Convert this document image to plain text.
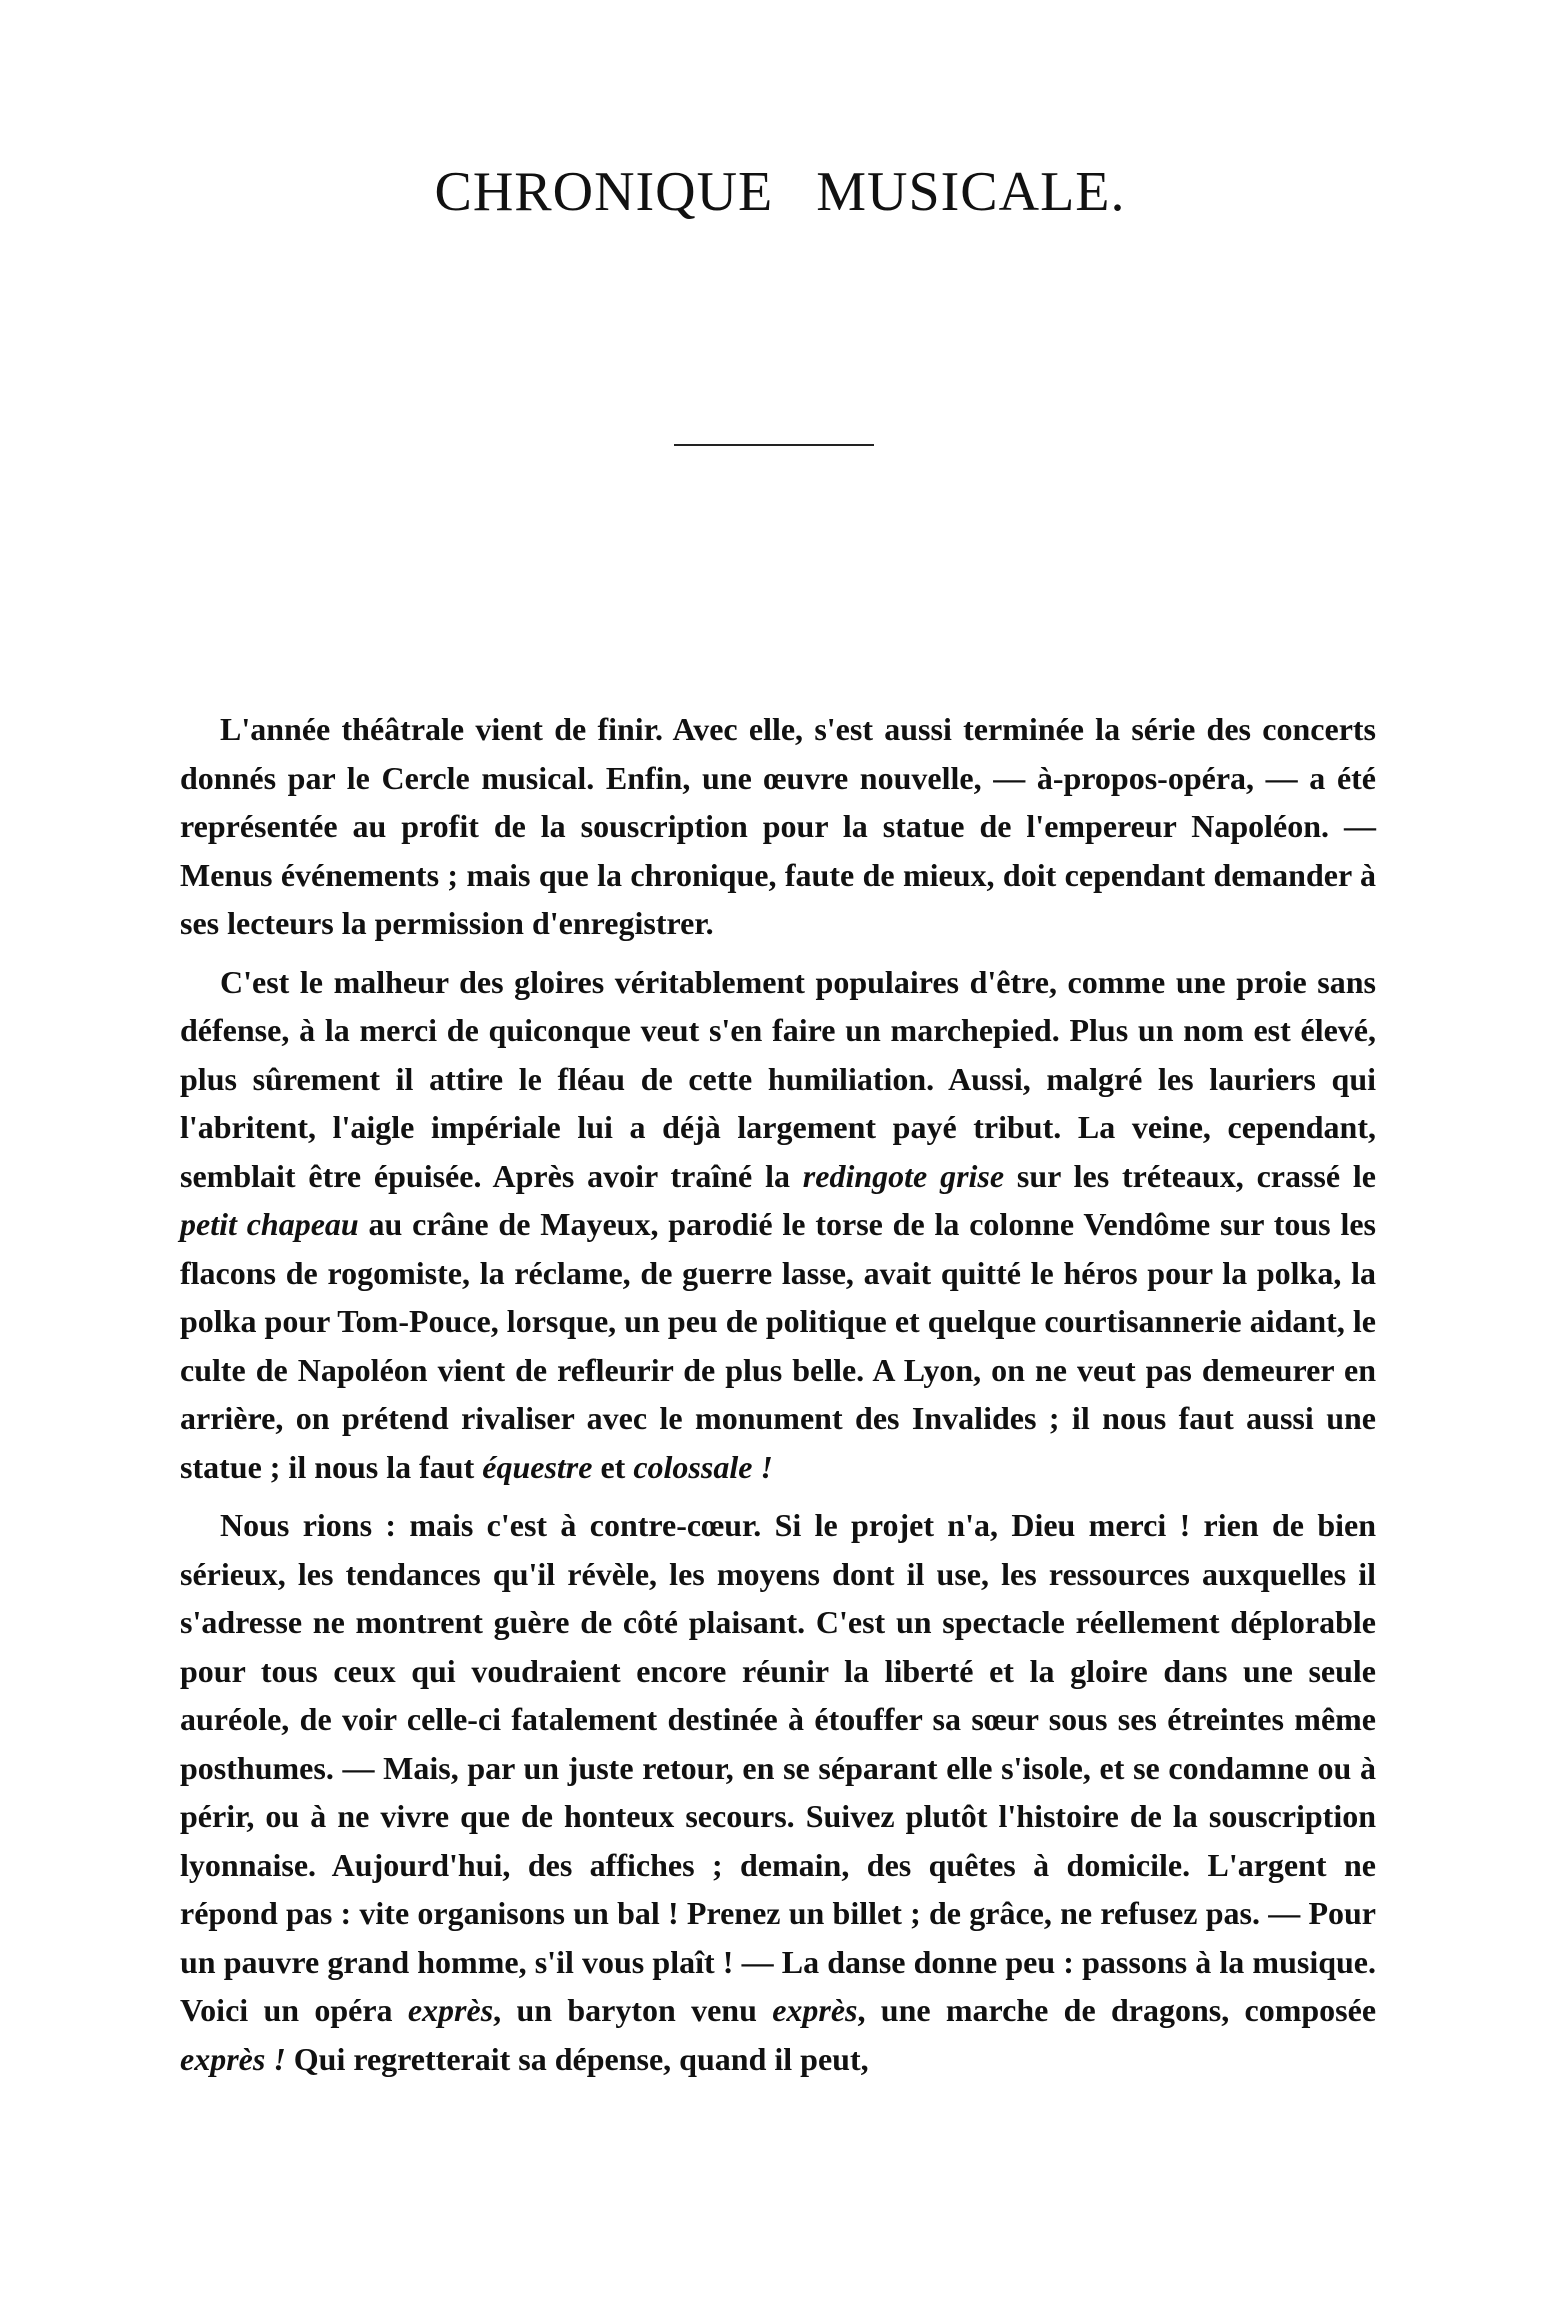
CHRONIQUE MUSICALE.

L'année théâtrale vient de finir. Avec elle, s'est aussi terminée la série des concerts donnés par le Cercle musical. Enfin, une œuvre nouvelle, — à-propos-opéra, — a été représentée au profit de la souscription pour la statue de l'empereur Napoléon. — Menus événements ; mais que la chronique, faute de mieux, doit cependant demander à ses lecteurs la permission d'enregistrer.

C'est le malheur des gloires véritablement populaires d'être, comme une proie sans défense, à la merci de quiconque veut s'en faire un marchepied. Plus un nom est élevé, plus sûrement il attire le fléau de cette humiliation. Aussi, malgré les lauriers qui l'abritent, l'aigle impériale lui a déjà largement payé tribut. La veine, cependant, semblait être épuisée. Après avoir traîné la redingote grise sur les tréteaux, crassé le petit chapeau au crâne de Mayeux, parodié le torse de la colonne Vendôme sur tous les flacons de rogomiste, la réclame, de guerre lasse, avait quitté le héros pour la polka, la polka pour Tom-Pouce, lorsque, un peu de politique et quelque courtisannerie aidant, le culte de Napoléon vient de refleurir de plus belle. A Lyon, on ne veut pas demeurer en arrière, on prétend rivaliser avec le monument des Invalides ; il nous faut aussi une statue ; il nous la faut équestre et colossale !

Nous rions : mais c'est à contre-cœur. Si le projet n'a, Dieu merci ! rien de bien sérieux, les tendances qu'il révèle, les moyens dont il use, les ressources auxquelles il s'adresse ne montrent guère de côté plaisant. C'est un spectacle réellement déplorable pour tous ceux qui voudraient encore réunir la liberté et la gloire dans une seule auréole, de voir celle-ci fatalement destinée à étouffer sa sœur sous ses étreintes même posthumes. — Mais, par un juste retour, en se séparant elle s'isole, et se condamne ou à périr, ou à ne vivre que de honteux secours. Suivez plutôt l'histoire de la souscription lyonnaise. Aujourd'hui, des affiches ; demain, des quêtes à domicile. L'argent ne répond pas : vite organisons un bal ! Prenez un billet ; de grâce, ne refusez pas. — Pour un pauvre grand homme, s'il vous plaît ! — La danse donne peu : passons à la musique. Voici un opéra exprès, un baryton venu exprès, une marche de dragons, composée exprès ! Qui regretterait sa dépense, quand il peut,
